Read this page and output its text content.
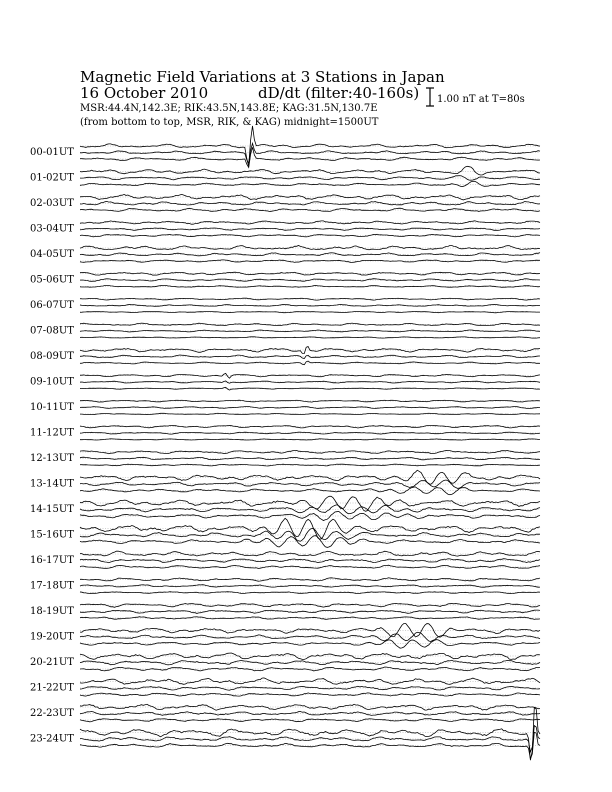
Magnetic Field Variations at 3 Stations in Japan
16 October 2010	dD/dt (filter:40-160s)
MSR:44.4N,142.3E; RIK:43.5N,143.8E; KAG:31.5N,130.7E
(from bottom to top, MSR, RIK, & KAG) midnight=1500UT
1.00 nT at T=80s
00-01UT
01-02UT
02-03UT
03-04UT
04-05UT
05-06UT
06-07UT
07-08UT
08-09UT
09-10UT
10-11UT
11-12UT
12-13UT
13-14UT
14-15UT
15-16UT
16-17UT
17-18UT
18-19UT
19-20UT
20-21UT
21-22UT
22-23UT
23-24UT
